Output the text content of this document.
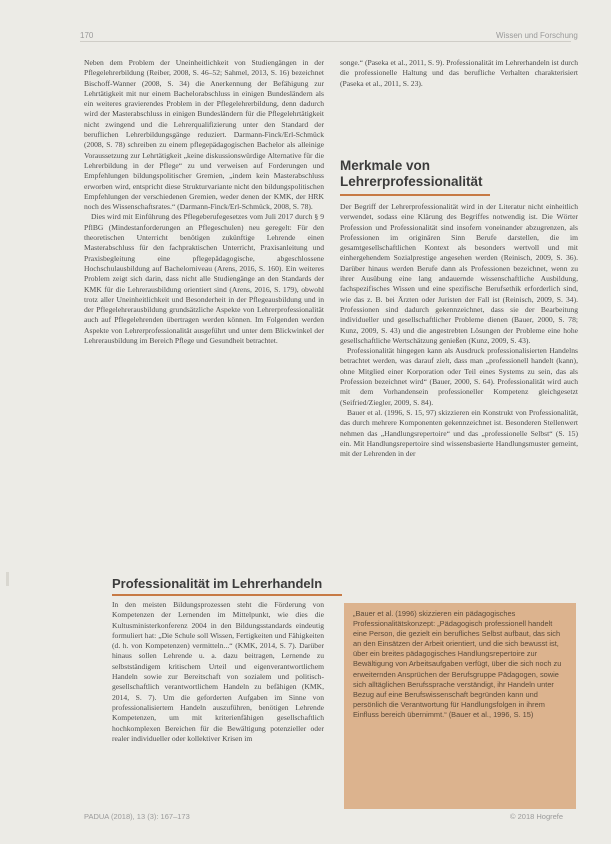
170	Wissen und Forschung

Neben dem Problem der Uneinheitlichkeit von Studiengängen in der Pflegelehrerbildung (Reiber, 2008, S. 46–52; Sahmel, 2013, S. 16) bezeichnet Bischoff-Wanner (2008, S. 34) die Anerkennung der Befähigung zur Lehrtätigkeit mit nur einem Bachelorabschluss in einigen Bundesländern als ein weiteres gravierendes Problem in der Pflegelehrerbildung, denn dadurch wird der Masterabschluss in einigen Bundesländern für die Pflegelehrtätigkeit nicht zwingend und die Lehrerqualifizierung unter den Standard der beruflichen Lehrerbildungsgänge reduziert. Darmann-Finck/Erl-Schmück (2008, S. 78) schreiben zu einem pflegepädagogischen Bachelor als alleinige Voraussetzung zur Lehrtätigkeit „keine diskussionswürdige Alternative für die Lehrerbildung in der Pflege“ zu und verweisen auf Forderungen und Empfehlungen bildungspolitischer Gremien, „indem kein Masterabschluss erworben wird, entspricht diese Strukturvariante nicht den bildungspolitischen Empfehlungen der verschiedenen Gremien, weder denen der KMK, der HRK noch des Wissenschaftsrates.“ (Darmann-Finck/Erl-Schmück, 2008, S. 78).

Dies wird mit Einführung des Pflegeberufegesetzes vom Juli 2017 durch § 9 PflBG (Mindestanforderungen an Pflegeschulen) neu geregelt: Für den theoretischen Unterricht benötigen zukünftige Lehrende einen Masterabschluss für den fachpraktischen Unterricht, Praxisanleitung und Praxisbegleitung eine pflegepädagogische, abgeschlossene Hochschulausbildung auf Bachelorniveau (Arens, 2016, S. 160). Ein weiteres Problem zeigt sich darin, dass nicht alle Studiengänge an den Standards der KMK für die Lehrerausbildung orientiert sind (Arens, 2016, S. 179), obwohl trotz aller Uneinheitlichkeit und Besonderheit in der Pflegeausbildung und in der Pflegelehrerausbildung grundsätzliche Aspekte von Lehrerprofessionalität auch auf Pflegelehrenden übertragen werden können. Im Folgenden werden Aspekte von Lehrerprofessionalität ausgeführt und unter dem Blickwinkel der Lehrerausbildung im Bereich Pflege und Gesundheit betrachtet.

Professionalität im Lehrerhandeln

In den meisten Bildungsprozessen steht die Förderung von Kompetenzen der Lernenden im Mittelpunkt, wie dies die Kultusministerkonferenz 2004 in den Bildungsstandards eindeutig formuliert hat: „Die Schule soll Wissen, Fertigkeiten und Fähigkeiten (d. h. von Kompetenzen) vermitteln...“ (KMK, 2014, S. 7). Darüber hinaus sollen Lehrende u. a. dazu beitragen, Lernende zu selbstständigem kritischem Urteil und eigenverantwortlichem Handeln sowie zur Bereitschaft von sozialem und politisch-gesellschaftlich verantwortlichem Handeln zu befähigen (KMK, 2014, S. 7). Um die geforderten Aufgaben im Sinne von professionalisiertem Handeln auszuführen, benötigen Lehrende Kompetenzen, um mit kriterienfähigen gesellschaftlich hochkomplexen Bereichen für die Bewältigung potenzieller oder realer individueller oder kollektiver Krisen im

songe.“ (Paseka et al., 2011, S. 9). Professionalität im Lehrerhandeln ist durch die professionelle Haltung und das berufliche Verhalten charakterisiert (Paseka et al., 2011, S. 23).

Merkmale von
Lehrerprofessionalität

Der Begriff der Lehrerprofessionalität wird in der Literatur nicht einheitlich verwendet, sodass eine Klärung des Begriffes notwendig ist. Die Wörter Profession und Professionalität sind insofern voneinander abzugrenzen, als Professionen im originären Sinn Berufe darstellen, die im gesamtgesellschaftlichen Kontext als besonders wertvoll und mit einhergehendem Sozialprestige angesehen werden (Reinisch, 2009, S. 36). Darüber hinaus werden Berufe dann als Professionen bezeichnet, wenn zu ihrer Ausübung eine lang andauernde wissenschaftliche Ausbildung, fachspezifisches Wissen und eine spezifische Berufsethik erforderlich sind, wie das z. B. bei Ärzten oder Juristen der Fall ist (Reinisch, 2009, S. 34). Professionen sind dadurch gekennzeichnet, dass sie der Bearbeitung individueller und gesellschaftlicher Probleme dienen (Bauer, 2000, S. 78; Kunz, 2009, S. 43) und die angestrebten Lösungen der Probleme eine hohe gesellschaftliche Wertschätzung genießen (Kunz, 2009, S. 43).

Professionalität hingegen kann als Ausdruck professionalisierten Handelns betrachtet werden, was darauf zielt, dass man „professionell handelt (kann), ohne Mitglied einer Korporation oder Teil eines Systems zu sein, das als Profession bezeichnet wird“ (Bauer, 2000, S. 64). Professionalität wird auch mit dem Vorhandensein professioneller Kompetenz gleichgesetzt (Seifried/Ziegler, 2009, S. 84).

Bauer et al. (1996, S. 15, 97) skizzieren ein Konstrukt von Professionalität, das durch mehrere Komponenten gekennzeichnet ist. Besonderen Stellenwert nehmen das „Handlungsrepertoire“ und das „professionelle Selbst“ (S. 15) ein. Mit Handlungsrepertoire sind wissensbasierte Handlungsmuster gemeint, mit der Lehrenden in der

„Bauer et al. (1996) skizzieren ein pädagogisches Professionalitätskonzept: „Pädagogisch professionell handelt eine Person, die gezielt ein berufliches Selbst aufbaut, das sich an den Einsätzen der Arbeit orientiert, und die sich bewusst ist, über ein breites pädagogisches Handlungsrepertoire zur Bewältigung von Arbeitsaufgaben verfügt, über die sich noch zu erweiternden Ansprüchen der Berufsgruppe Pädagogen, sowie sich alltäglichen Berufssprache verständigt, ihr Handeln unter Bezug auf eine Berufswissenschaft begründen kann und persönlich die Verantwortung für Handlungsfolgen in ihrem Einfluss bereich übernimmt.“ (Bauer et al., 1996, S. 15)

PADUA (2018), 13 (3): 167–173	© 2018 Hogrefe
